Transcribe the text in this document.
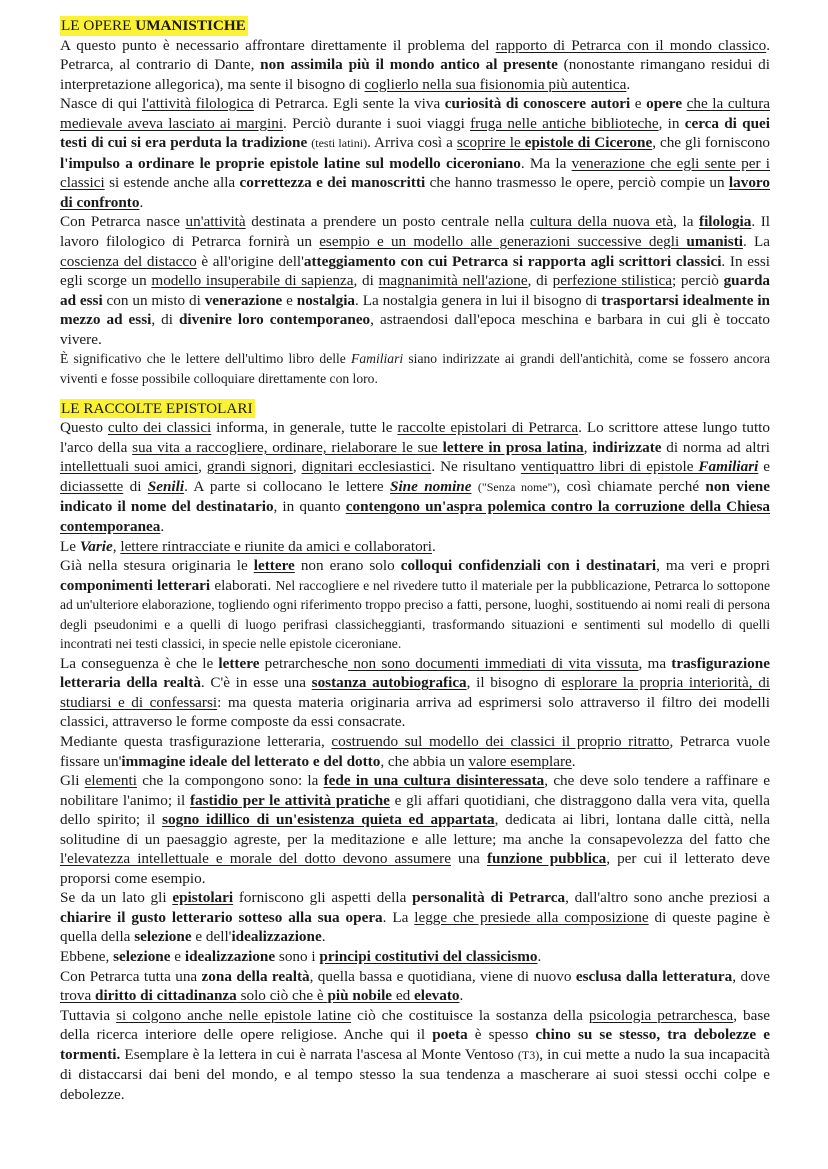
LE OPERE UMANISTICHE

A questo punto è necessario affrontare direttamente il problema del rapporto di Petrarca con il mondo classico. Petrarca, al contrario di Dante, non assimila più il mondo antico al presente (nonostante rimangano residui di interpretazione allegorica), ma sente il bisogno di coglierlo nella sua fisionomia più autentica.

Nasce di qui l'attività filologica di Petrarca. Egli sente la viva curiosità di conoscere autori e opere che la cultura medievale aveva lasciato ai margini. Perciò durante i suoi viaggi fruga nelle antiche biblioteche, in cerca di quei testi di cui si era perduta la tradizione (testi latini). Arriva così a scoprire le epistole di Cicerone, che gli forniscono l'impulso a ordinare le proprie epistole latine sul modello ciceroniano. Ma la venerazione che egli sente per i classici si estende anche alla correttezza e dei manoscritti che hanno trasmesso le opere, perciò compie un lavoro di confronto.

Con Petrarca nasce un'attività destinata a prendere un posto centrale nella cultura della nuova età, la filologia. Il lavoro filologico di Petrarca fornirà un esempio e un modello alle generazioni successive degli umanisti. La coscienza del distacco è all'origine dell'atteggiamento con cui Petrarca si rapporta agli scrittori classici. In essi egli scorge un modello insuperabile di sapienza, di magnanimità nell'azione, di perfezione stilistica; perciò guarda ad essi con un misto di venerazione e nostalgia. La nostalgia genera in lui il bisogno di trasportarsi idealmente in mezzo ad essi, di divenire loro contemporaneo, astraendosi dall'epoca meschina e barbara in cui gli è toccato vivere.

È significativo che le lettere dell'ultimo libro delle Familiari siano indirizzate ai grandi dell'antichità, come se fossero ancora viventi e fosse possibile colloquiare direttamente con loro.

LE RACCOLTE EPISTOLARI

Questo culto dei classici informa, in generale, tutte le raccolte epistolari di Petrarca. Lo scrittore attese lungo tutto l'arco della sua vita a raccogliere, ordinare, rielaborare le sue lettere in prosa latina, indirizzate di norma ad altri intellettuali suoi amici, grandi signori, dignitari ecclesiastici. Ne risultano ventiquattro libri di epistole Familiari e diciassette di Senili. A parte si collocano le lettere Sine nomine ("Senza nome"), così chiamate perché non viene indicato il nome del destinatario, in quanto contengono un'aspra polemica contro la corruzione della Chiesa contemporanea.

Le Varie, lettere rintracciate e riunite da amici e collaboratori.

Già nella stesura originaria le lettere non erano solo colloqui confidenziali con i destinatari, ma veri e propri componimenti letterari elaborati. Nel raccogliere e nel rivedere tutto il materiale per la pubblicazione, Petrarca lo sottopone ad un'ulteriore elaborazione, togliendo ogni riferimento troppo preciso a fatti, persone, luoghi, sostituendo ai nomi reali di persona degli pseudonimi e a quelli di luogo perifrasi classicheggianti, trasformando situazioni e sentimenti sul modello di quelli incontrati nei testi classici, in specie nelle epistole ciceroniane.

La conseguenza è che le lettere petrarchesche non sono documenti immediati di vita vissuta, ma trasfigurazione letteraria della realtà. C'è in esse una sostanza autobiografica, il bisogno di esplorare la propria interiorità, di studiarsi e di confessarsi: ma questa materia originaria arriva ad esprimersi solo attraverso il filtro dei modelli classici, attraverso le forme composte da essi consacrate.

Mediante questa trasfigurazione letteraria, costruendo sul modello dei classici il proprio ritratto, Petrarca vuole fissare un'immagine ideale del letterato e del dotto, che abbia un valore esemplare.

Gli elementi che la compongono sono: la fede in una cultura disinteressata, che deve solo tendere a raffinare e nobilitare l'animo; il fastidio per le attività pratiche e gli affari quotidiani, che distraggono dalla vera vita, quella dello spirito; il sogno idillico di un'esistenza quieta ed appartata, dedicata ai libri, lontana dalle città, nella solitudine di un paesaggio agreste, per la meditazione e alle letture; ma anche la consapevolezza del fatto che l'elevatezza intellettuale e morale del dotto devono assumere una funzione pubblica, per cui il letterato deve proporsi come esempio.

Se da un lato gli epistolari forniscono gli aspetti della personalità di Petrarca, dall'altro sono anche preziosi a chiarire il gusto letterario sotteso alla sua opera. La legge che presiede alla composizione di queste pagine è quella della selezione e dell'idealizzazione.

Ebbene, selezione e idealizzazione sono i principi costitutivi del classicismo.

Con Petrarca tutta una zona della realtà, quella bassa e quotidiana, viene di nuovo esclusa dalla letteratura, dove trova diritto di cittadinanza solo ciò che è più nobile ed elevato.

Tuttavia si colgono anche nelle epistole latine ciò che costituisce la sostanza della psicologia petrarchesca, base della ricerca interiore delle opere religiose. Anche qui il poeta è spesso chino su se stesso, tra debolezze e tormenti. Esemplare è la lettera in cui è narrata l'ascesa al Monte Ventoso (T3), in cui mette a nudo la sua incapacità di distaccarsi dai beni del mondo, e al tempo stesso la sua tendenza a mascherare ai suoi stessi occhi colpe e debolezze.
